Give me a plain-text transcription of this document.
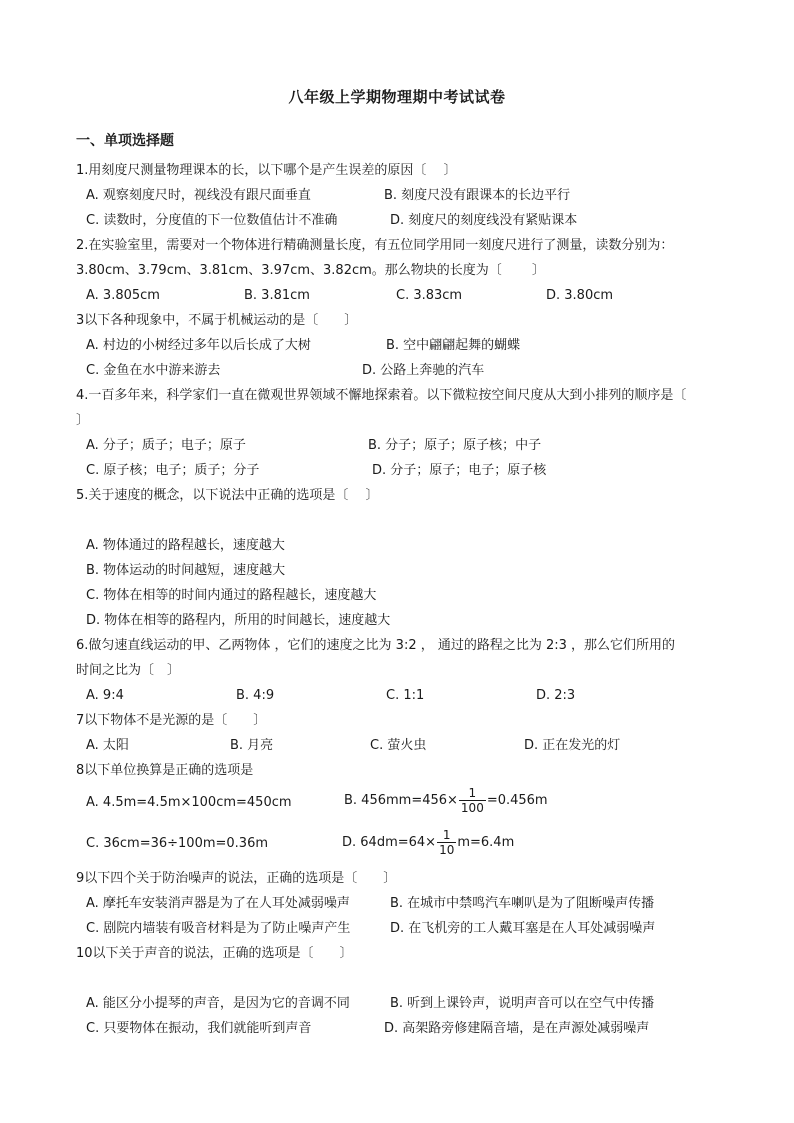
八年级上学期物理期中考试试卷
一、单项选择题
1.用刻度尺测量物理课本的长，以下哪个是产生误差的原因〔　 〕
A. 观察刻度尺时，视线没有跟尺面垂直	B. 刻度尺没有跟课本的长边平行
C. 读数时，分度值的下一位数值估计不准确	D. 刻度尺的刻度线没有紧贴课本
2.在实验室里，需要对一个物体进行精确测量长度，有五位同学用同一刻度尺进行了测量，读数分别为：
3.80cm、3.79cm、3.81cm、3.97cm、3.82cm。那么物块的长度为〔　　 〕
A. 3.805cm	B. 3.81cm	C. 3.83cm	D. 3.80cm
3以下各种现象中，不属于机械运动的是〔　　〕
A. 村边的小树经过多年以后长成了大树	B. 空中翩翩起舞的蝴蝶
C. 金鱼在水中游来游去	D. 公路上奔驰的汽车
4.一百多年来，科学家们一直在微观世界领域不懈地探索着。以下微粒按空间尺度从大到小排列的顺序是〔
〕
A. 分子；质子；电子；原子	B. 分子；原子；原子核；中子
C. 原子核；电子；质子；分子	D. 分子；原子；电子；原子核
5.关于速度的概念，以下说法中正确的选项是〔　 〕
A. 物体通过的路程越长，速度越大
B. 物体运动的时间越短，速度越大
C. 物体在相等的时间内通过的路程越长，速度越大
D. 物体在相等的路程内，所用的时间越长，速度越大
6.做匀速直线运动的甲、乙两物体 ，它们的速度之比为 3:2 ， 通过的路程之比为 2:3 ，那么它们所用的
时间之比为〔　〕
A. 9:4	B. 4:9	C. 1:1	D. 2:3
7以下物体不是光源的是〔　　〕
A. 太阳	B. 月亮	C. 萤火虫	D. 正在发光的灯
8以下单位换算是正确的选项是
A. 4.5m=4.5m×100cm=450cm	B. $456mm=456\times \frac{1}{100} =0.456m$
C. 36cm=36÷100m=0.36m	D. $64dm=64\times \frac{1}{10} m=6.4m$
9以下四个关于防治噪声的说法，正确的选项是〔　　〕
A. 摩托车安装消声器是为了在人耳处减弱噪声	B. 在城市中禁鸣汽车喇叭是为了阻断噪声传播
C. 剧院内墙装有吸音材料是为了防止噪声产生	D. 在飞机旁的工人戴耳塞是在人耳处减弱噪声
10以下关于声音的说法，正确的选项是〔　　〕
A. 能区分小提琴的声音，是因为它的音调不同	B. 听到上课铃声，说明声音可以在空气中传播
C. 只要物体在振动，我们就能听到声音	D. 高架路旁修建隔音墙，是在声源处减弱噪声
